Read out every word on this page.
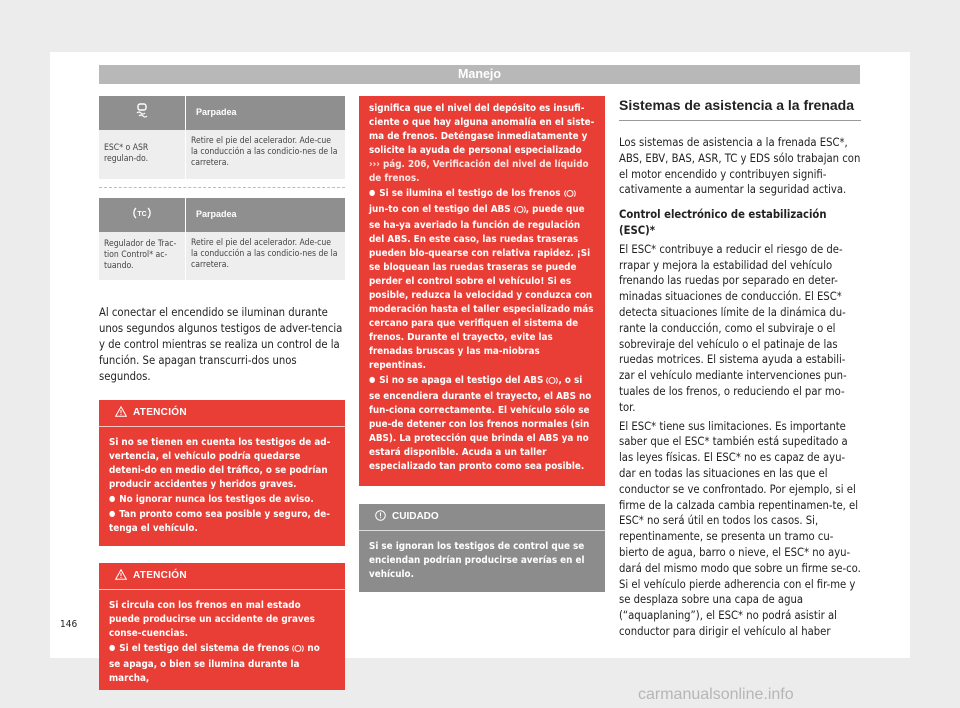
Manejo
	Parpadea
ESC* o ASR regulan-do.	Retire el pie del acelerador. Ade-cue la conducción a las condicio-nes de la carretera.
TC	Parpadea
Regulador de Trac-tion Control* ac-tuando.	Retire el pie del acelerador. Ade-cue la conducción a las condicio-nes de la carretera.

Al conectar el encendido se iluminan durante unos segundos algunos testigos de adver-tencia y de control mientras se realiza un control de la función. Se apagan transcurri-dos unos segundos.

ATENCIÓN

Si no se tienen en cuenta los testigos de ad-vertencia, el vehículo podría quedarse deteni-do en medio del tráfico, o se podrían producir accidentes y heridos graves.

● No ignorar nunca los testigos de aviso.

● Tan pronto como sea posible y seguro, de-tenga el vehículo.

ATENCIÓN

Si circula con los frenos en mal estado puede producirse un accidente de graves conse-cuencias.

● Si el testigo del sistema de frenos no se apaga, o bien se ilumina durante la marcha,

significa que el nivel del depósito es insufi-ciente o que hay alguna anomalía en el siste-ma de frenos. Deténgase inmediatamente y solicite la ayuda de personal especializado ››› pág. 206, Verificación del nivel de líquido de frenos.

● Si se ilumina el testigo de los frenos  jun-to con el testigo del ABS , puede que se ha-ya averiado la función de regulación del ABS. En este caso, las ruedas traseras pueden blo-quearse con relativa rapidez. ¡Si se bloquean las ruedas traseras se puede perder el control sobre el vehículo! Si es posible, reduzca la velocidad y conduzca con moderación hasta el taller especializado más cercano para que verifiquen el sistema de frenos. Durante el trayecto, evite las frenadas bruscas y las ma-niobras repentinas.

● Si no se apaga el testigo del ABS , o si se encendiera durante el trayecto, el ABS no fun-ciona correctamente. El vehículo sólo se pue-de detener con los frenos normales (sin ABS). La protección que brinda el ABS ya no estará disponible. Acuda a un taller especializado tan pronto como sea posible.

CUIDADO

Si se ignoran los testigos de control que se enciendan podrían producirse averías en el vehículo.

Sistemas de asistencia a la frenada

Los sistemas de asistencia a la frenada ESC*, ABS, EBV, BAS, ASR, TC y EDS sólo trabajan con el motor encendido y contribuyen signifi-cativamente a aumentar la seguridad activa.

Control electrónico de estabilización (ESC)*

El ESC* contribuye a reducir el riesgo de de-rrapar y mejora la estabilidad del vehículo frenando las ruedas por separado en deter-minadas situaciones de conducción. El ESC* detecta situaciones límite de la dinámica du-rante la conducción, como el subviraje o el sobreviraje del vehículo o el patinaje de las ruedas motrices. El sistema ayuda a estabili-zar el vehículo mediante intervenciones pun-tuales de los frenos, o reduciendo el par mo-tor.

El ESC* tiene sus limitaciones. Es importante saber que el ESC* también está supeditado a las leyes físicas. El ESC* no es capaz de ayu-dar en todas las situaciones en las que el conductor se ve confrontado. Por ejemplo, si el firme de la calzada cambia repentinamen-te, el ESC* no será útil en todos los casos. Si, repentinamente, se presenta un tramo cu-bierto de agua, barro o nieve, el ESC* no ayu-dará del mismo modo que sobre un firme se-co. Si el vehículo pierde adherencia con el fir-me y se desplaza sobre una capa de agua (“aquaplaning”), el ESC* no podrá asistir al conductor para dirigir el vehículo al haber

146
carmanualsonline.info
